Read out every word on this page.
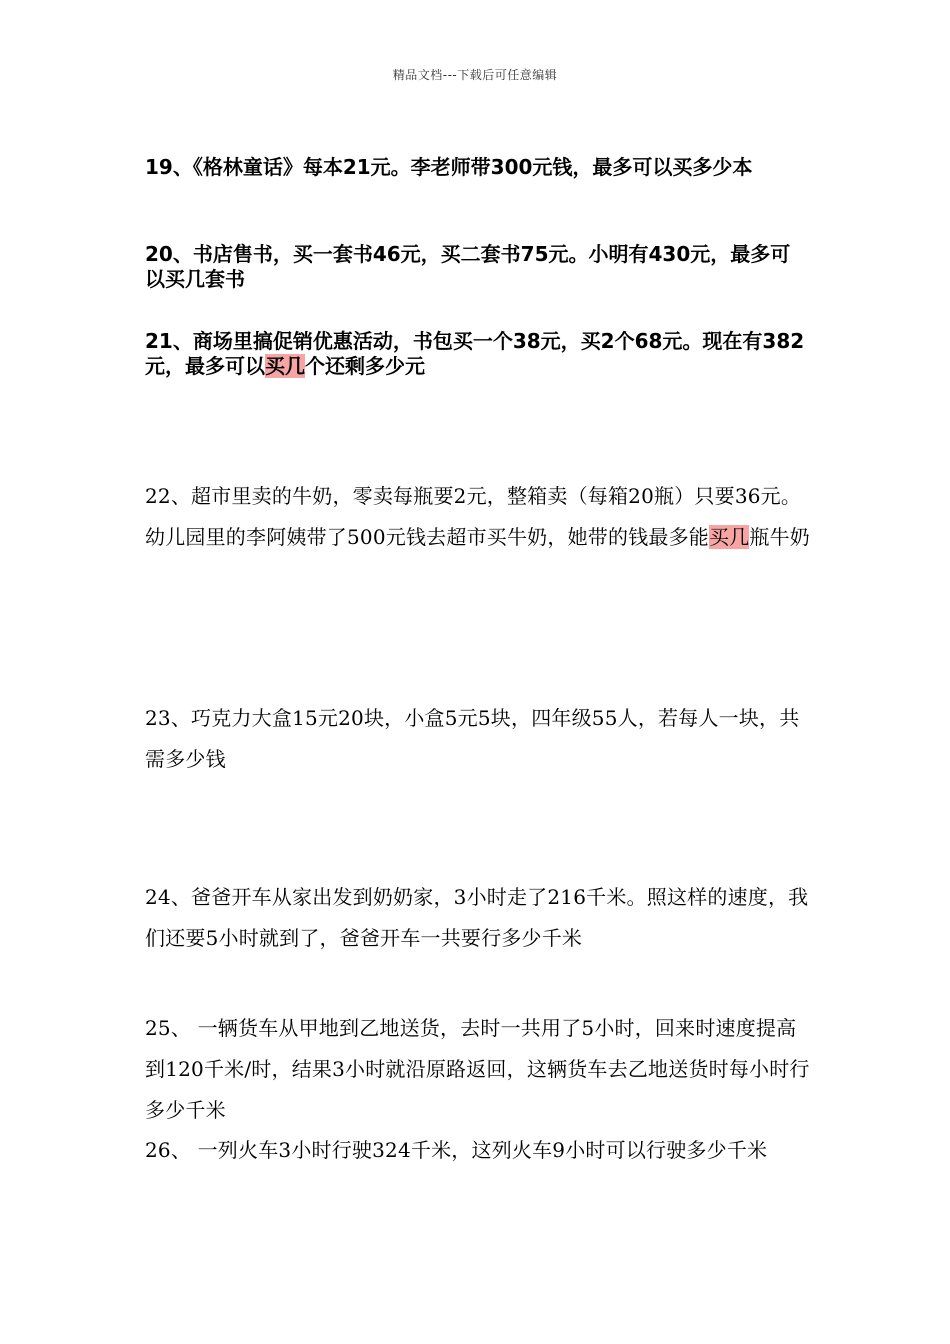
精品文档---下载后可任意编辑
19、《格林童话》每本21元。李老师带300元钱，最多可以买多少本
20、书店售书，买一套书46元，买二套书75元。小明有430元，最多可以买几套书
21、商场里搞促销优惠活动，书包买一个38元，买2个68元。现在有382元，最多可以买几个还剩多少元
22、超市里卖的牛奶，零卖每瓶要2元，整箱卖（每箱20瓶）只要36元。幼儿园里的李阿姨带了500元钱去超市买牛奶，她带的钱最多能买几瓶牛奶
23、巧克力大盒15元20块，小盒5元5块，四年级55人，若每人一块，共需多少钱
24、爸爸开车从家出发到奶奶家，3小时走了216千米。照这样的速度，我们还要5小时就到了，爸爸开车一共要行多少千米
25、 一辆货车从甲地到乙地送货，去时一共用了5小时，回来时速度提高到120千米/时，结果3小时就沿原路返回，这辆货车去乙地送货时每小时行多少千米
26、 一列火车3小时行驶324千米，这列火车9小时可以行驶多少千米
